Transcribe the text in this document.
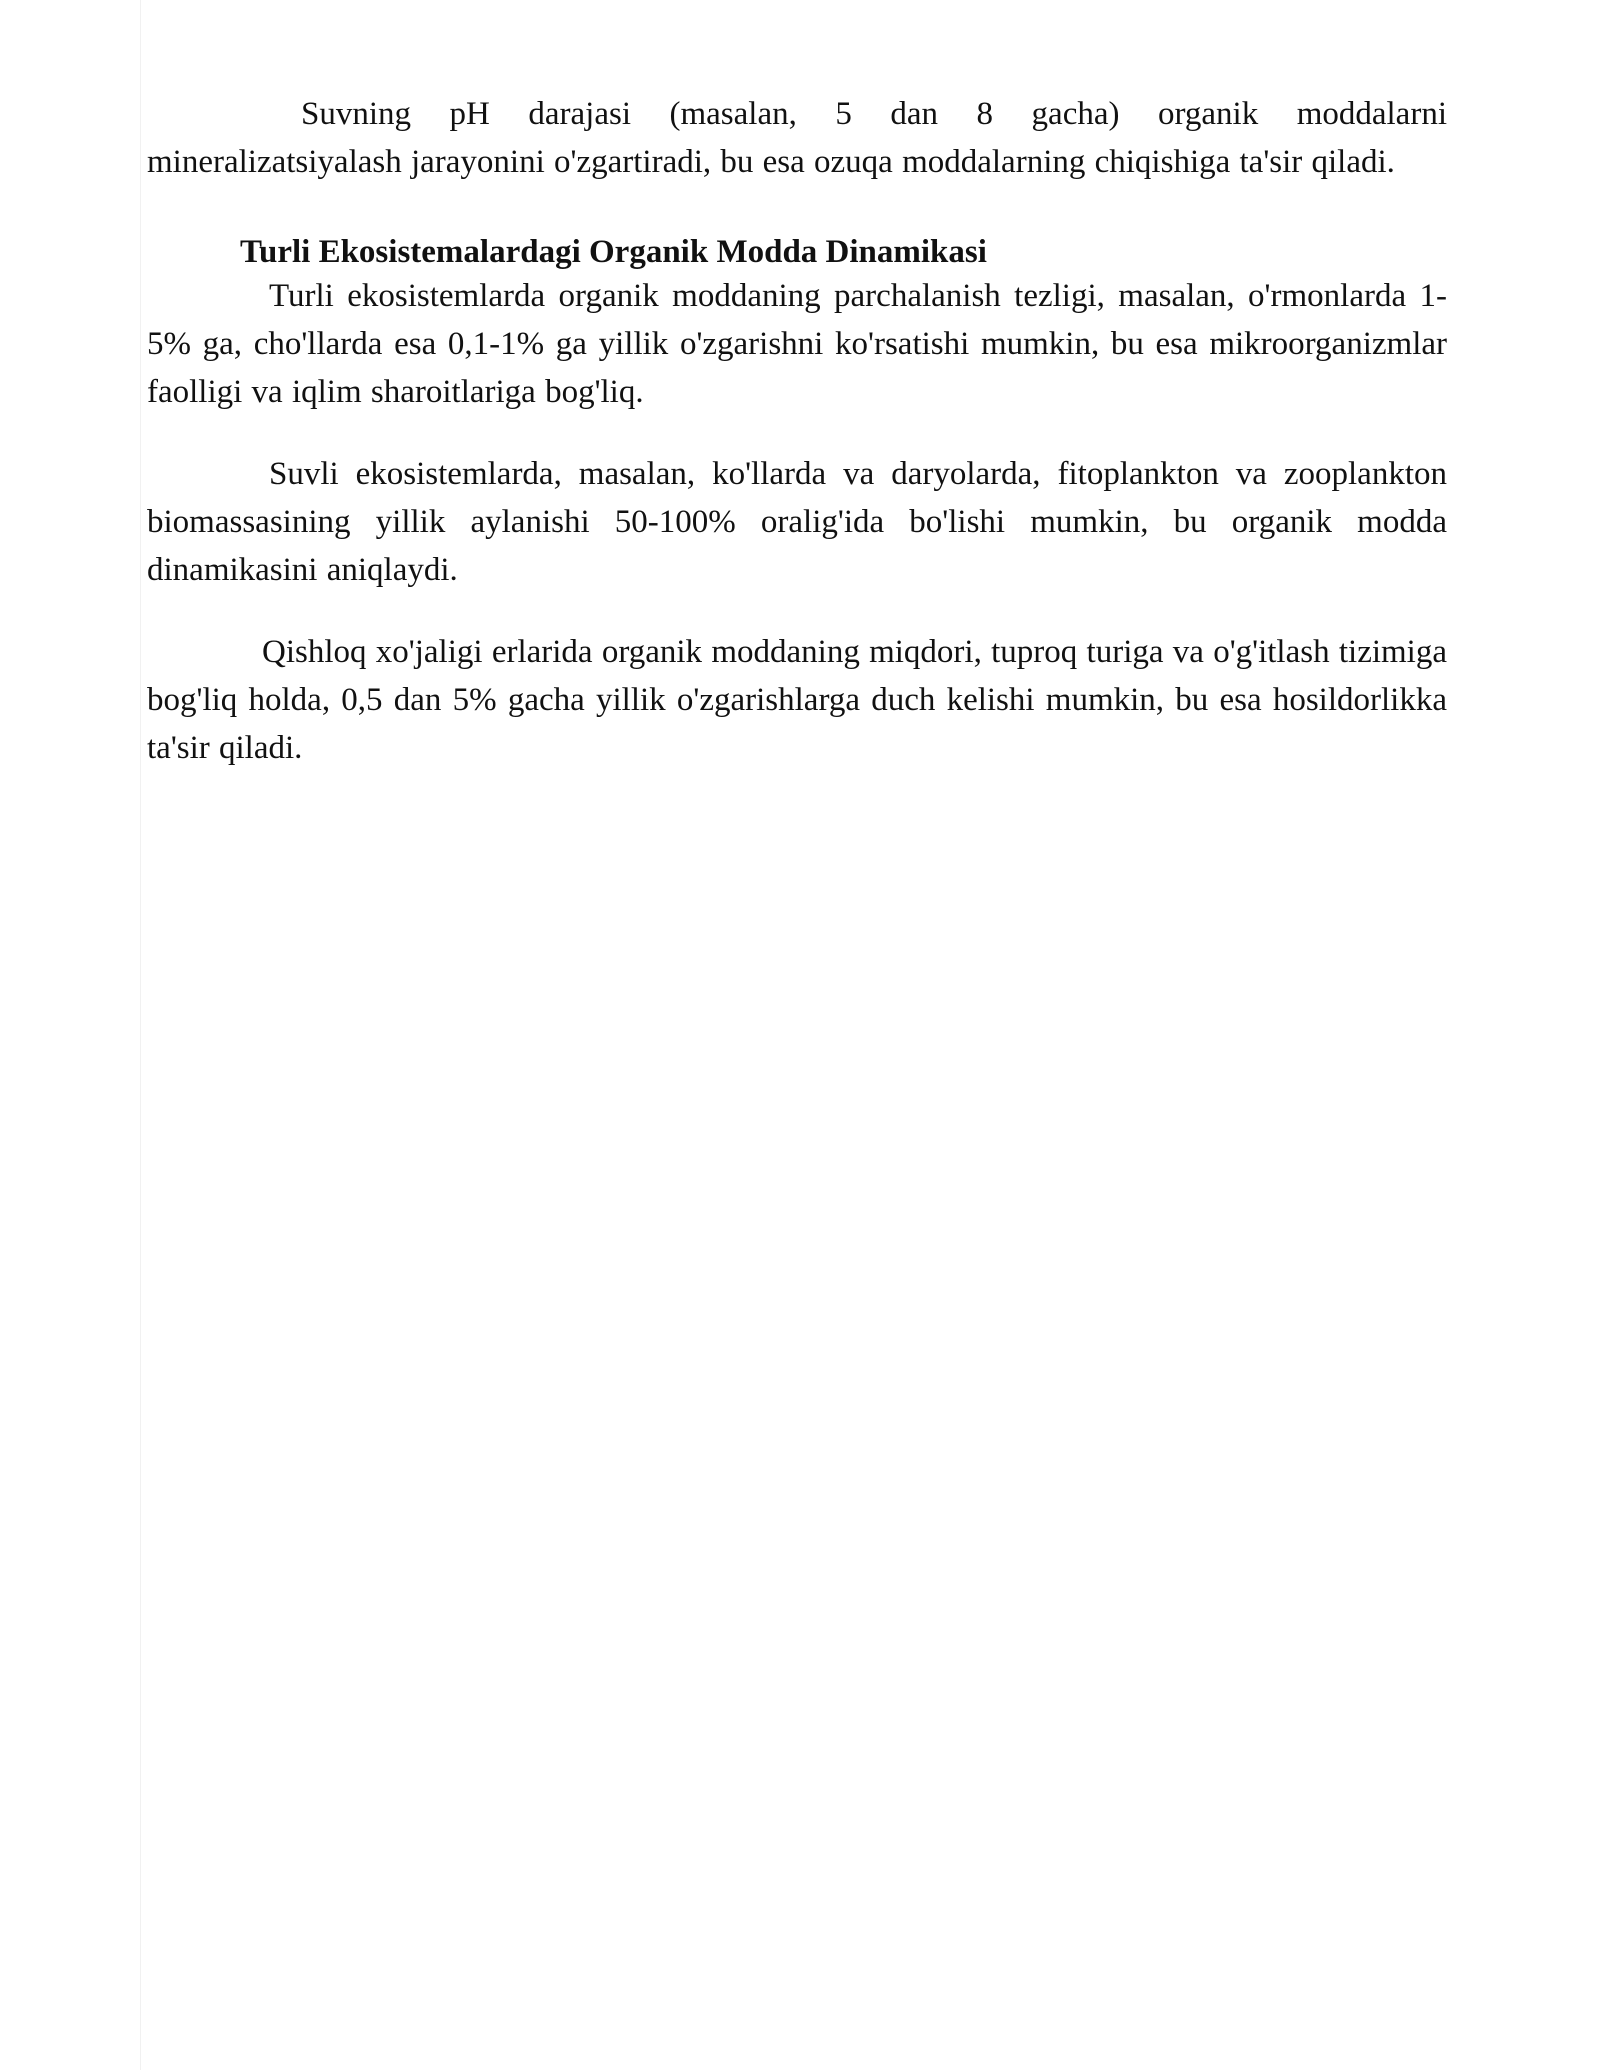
Suvning pH darajasi (masalan, 5 dan 8 gacha) organik moddalarni mineralizatsiyalash jarayonini o'zgartiradi, bu esa ozuqa moddalarning chiqishiga ta'sir qiladi.

Turli Ekosistemalardagi Organik Modda Dinamikasi

Turli ekosistemlarda organik moddaning parchalanish tezligi, masalan, o'rmonlarda 1-5% ga, cho'llarda esa 0,1-1% ga yillik o'zgarishni ko'rsatishi mumkin, bu esa mikroorganizmlar faolligi va iqlim sharoitlariga bog'liq.

Suvli ekosistemlarda, masalan, ko'llarda va daryolarda, fitoplankton va zooplankton biomassasining yillik aylanishi 50-100% oralig'ida bo'lishi mumkin, bu organik modda dinamikasini aniqlaydi.

Qishloq xo'jaligi erlarida organik moddaning miqdori, tuproq turiga va o'g'itlash tizimiga bog'liq holda, 0,5 dan 5% gacha yillik o'zgarishlarga duch kelishi mumkin, bu esa hosildorlikka ta'sir qiladi.
